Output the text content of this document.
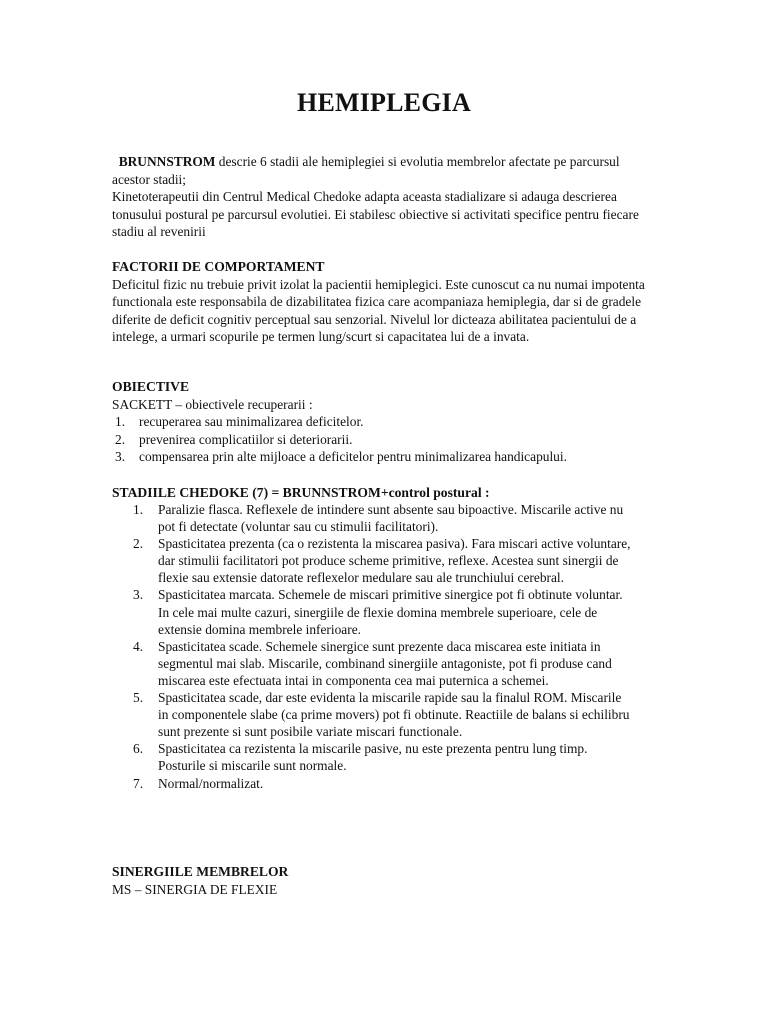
HEMIPLEGIA

BRUNNSTROM descrie 6 stadii ale hemiplegiei si evolutia membrelor afectate pe parcursul acestor stadii;

Kinetoterapeutii din Centrul Medical Chedoke adapta aceasta stadializare si adauga descrierea tonusului postural pe parcursul evolutiei. Ei stabilesc obiective si activitati specifice pentru fiecare stadiu al revenirii

FACTORII DE COMPORTAMENT

Deficitul fizic nu trebuie privit izolat la pacientii hemiplegici. Este cunoscut ca nu numai impotenta functionala este responsabila de dizabilitatea fizica care acompaniaza hemiplegia, dar si de gradele diferite de deficit cognitiv perceptual sau senzorial. Nivelul lor dicteaza abilitatea pacientului de a intelege, a urmari scopurile pe termen lung/scurt si capacitatea lui de a invata.

OBIECTIVE

SACKETT – obiectivele recuperarii :

1.	recuperarea sau minimalizarea deficitelor.
2.	prevenirea complicatiilor si deteriorarii.
3.	compensarea prin alte mijloace a deficitelor pentru minimalizarea handicapului.

STADIILE CHEDOKE (7) = BRUNNSTROM+control postural :

1.	Paralizie flasca. Reflexele de intindere sunt absente sau bipoactive. Miscarile active nu pot fi detectate (voluntar sau cu stimulii facilitatori).
2.	Spasticitatea prezenta (ca o rezistenta la miscarea pasiva). Fara miscari active voluntare, dar stimulii facilitatori pot produce scheme primitive, reflexe. Acestea sunt sinergii de flexie sau extensie datorate reflexelor medulare sau ale trunchiului cerebral.
3.	Spasticitatea marcata. Schemele de miscari primitive sinergice pot fi obtinute voluntar. In cele mai multe cazuri, sinergiile de flexie domina membrele superioare, cele de extensie domina membrele inferioare.
4.	Spasticitatea scade. Schemele sinergice sunt prezente daca miscarea este initiata in segmentul mai slab. Miscarile, combinand sinergiile antagoniste, pot fi produse cand miscarea este efectuata intai in componenta cea mai puternica a schemei.
5.	Spasticitatea scade, dar este evidenta la miscarile rapide sau la finalul ROM. Miscarile in componentele slabe (ca prime movers) pot fi obtinute. Reactiile de balans si echilibru sunt prezente si sunt posibile variate miscari functionale.
6.	Spasticitatea ca rezistenta la miscarile pasive, nu este prezenta pentru lung timp. Posturile si miscarile sunt normale.
7.	Normal/normalizat.

SINERGIILE MEMBRELOR

MS – SINERGIA DE FLEXIE
